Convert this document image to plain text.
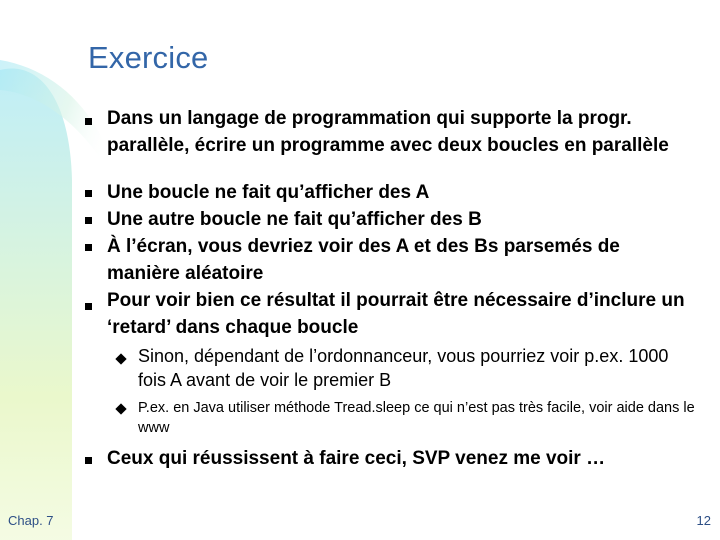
Exercice
Dans un langage de programmation qui supporte la progr. parallèle, écrire un programme avec deux boucles en parallèle
Une boucle ne fait qu’afficher des A
Une autre boucle ne fait qu’afficher des B
À l’écran, vous devriez voir des A et des Bs parsemés de manière aléatoire
Pour voir bien ce résultat il pourrait être nécessaire d’inclure un ‘retard’ dans chaque boucle
Sinon, dépendant de l’ordonnanceur, vous pourriez voir p.ex. 1000 fois A avant de voir le premier B
P.ex. en Java utiliser méthode Tread.sleep ce qui n’est pas très facile, voir aide dans le www
Ceux qui réussissent à faire ceci, SVP venez me voir …
Chap. 7	12
